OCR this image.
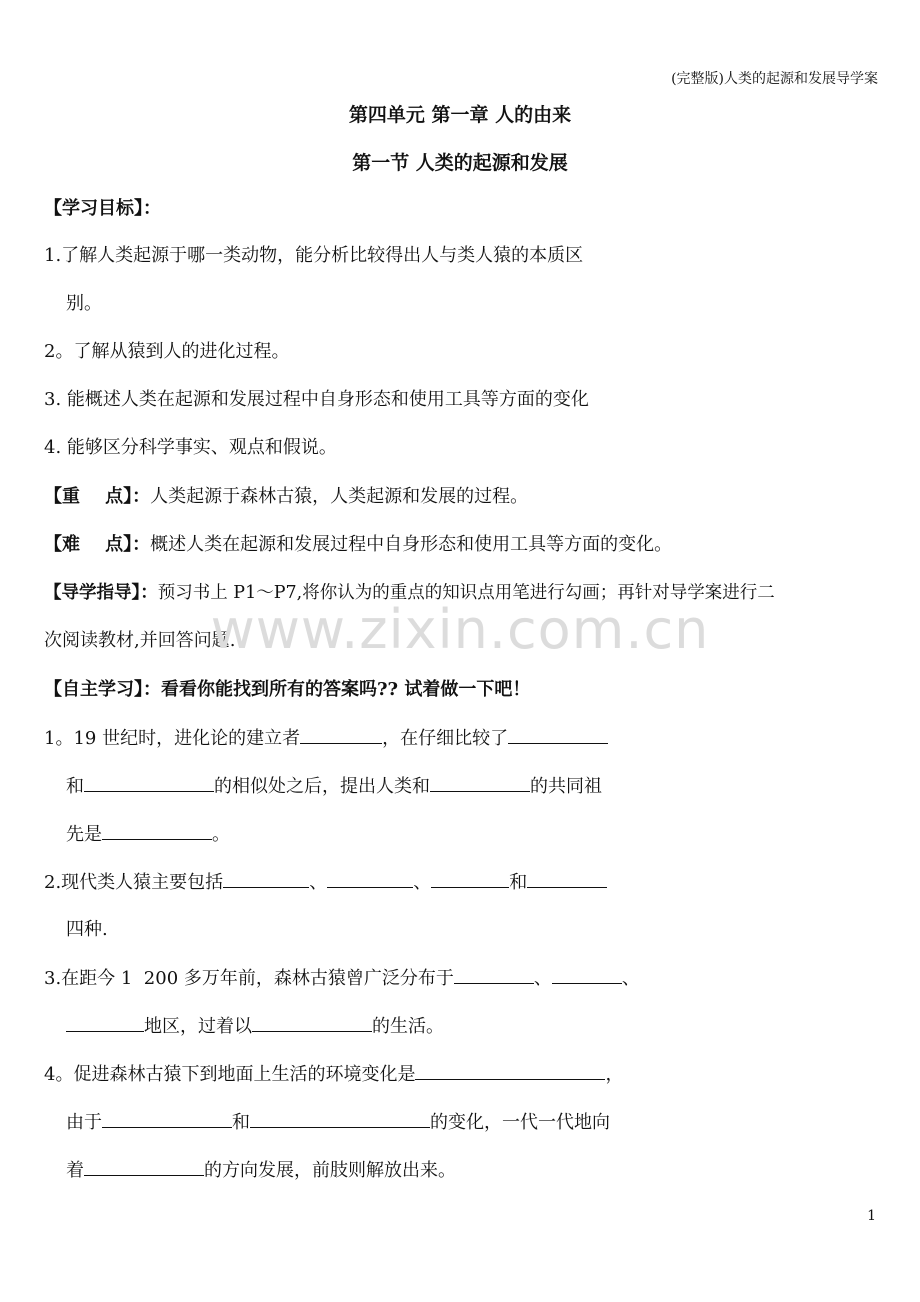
(完整版)人类的起源和发展导学案
第四单元 第一章 人的由来
第一节 人类的起源和发展
【学习目标】：
1.了解人类起源于哪一类动物，能分析比较得出人与类人猿的本质区
别。
2。了解从猿到人的进化过程。
3. 能概述人类在起源和发展过程中自身形态和使用工具等方面的变化
4. 能够区分科学事实、观点和假说。
【重    点】：人类起源于森林古猿，人类起源和发展的过程。
【难    点】：概述人类在起源和发展过程中自身形态和使用工具等方面的变化。
【导学指导】：预习书上 P1～P7,将你认为的重点的知识点用笔进行勾画；再针对导学案进行二
次阅读教材,并回答问题.
www.zixin.com.cn
【自主学习】：看看你能找到所有的答案吗?? 试着做一下吧！
1。19 世纪时，进化论的建立者	，在仔细比较了
和	的相似处之后，提出人类和	的共同祖
先是	。
2.现代类人猿主要包括	、	、	和
四种.
3.在距今 1  200 多万年前，森林古猿曾广泛分布于	、	、
地区，过着以	的生活。
4。促进森林古猿下到地面上生活的环境变化是	，
由于	和	的变化，一代一代地向
着	的方向发展，前肢则解放出来。
1
